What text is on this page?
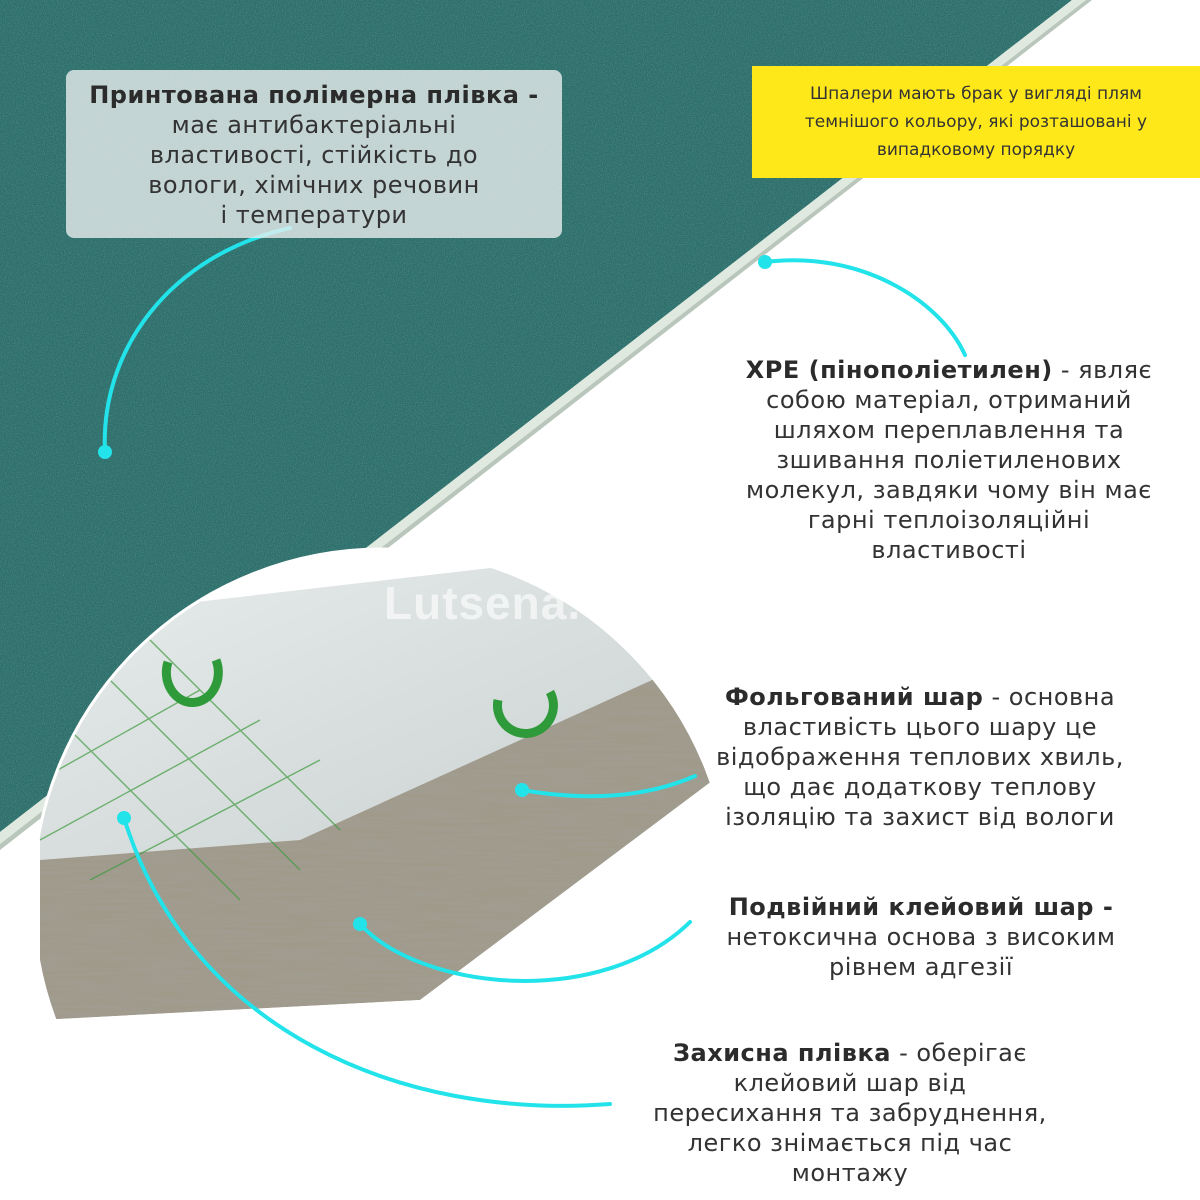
Шпалери мають брак у вигляді плям темнішого кольору, які розташовані у випадковому порядку
Принтована полімерна плівка -
має антибактеріальні
властивості, стійкість до
вологи, хімічних речовин
і температури
XPE (пінополіетилен) - являє
собою матеріал, отриманий
шляхом переплавлення та
зшивання поліетиленових
молекул, завдяки чому він має
гарні теплоізоляційні
властивості
Lutsena.com.ua
Фольгований шар - основна
властивість цього шару це
відображення теплових хвиль,
що дає додаткову теплову
ізоляцію та захист від вологи
Подвійний клейовий шар -
нетоксична основа з високим
рівнем адгезії
Захисна плівка - оберігає
клейовий шар від
пересихання та забруднення,
легко знімається під час
монтажу
